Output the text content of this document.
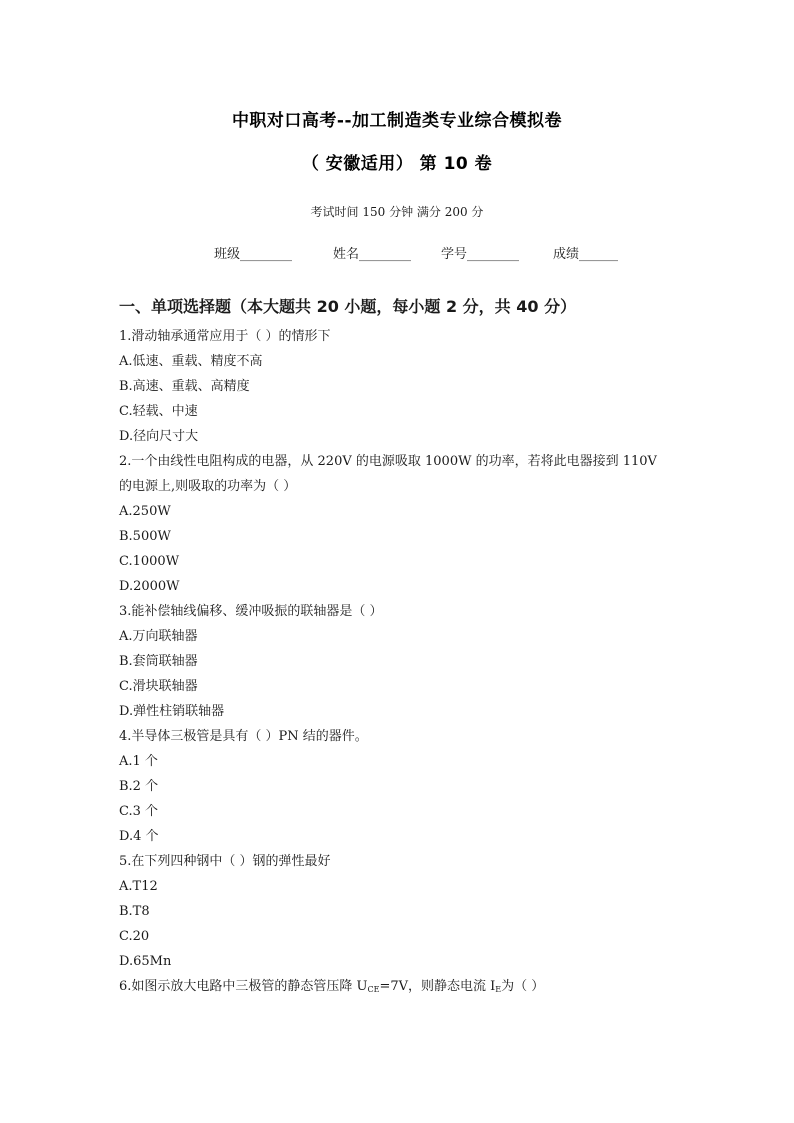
中职对口高考--加工制造类专业综合模拟卷
（ 安徽适用） 第 10 卷
考试时间 150 分钟 满分 200 分
班级________	姓名________ 学号________	成绩______
一、单项选择题（本大题共 20 小题，每小题 2 分，共 40 分）
1.滑动轴承通常应用于（ ）的情形下
A.低速、重载、精度不高
B.高速、重载、高精度
C.轻载、中速
D.径向尺寸大
2.一个由线性电阻构成的电器，从 220V 的电源吸取 1000W 的功率，若将此电器接到 110V
的电源上,则吸取的功率为（ ）
A.250W
B.500W
C.1000W
D.2000W
3.能补偿轴线偏移、缓冲吸振的联轴器是（ ）
A.万向联轴器
B.套筒联轴器
C.滑块联轴器
D.弹性柱销联轴器
4.半导体三极管是具有（ ）PN 结的器件。
A.1 个
B.2 个
C.3 个
D.4 个
5.在下列四种钢中（ ）钢的弹性最好
A.T12
B.T8
C.20
D.65Mn
6.如图示放大电路中三极管的静态管压降 $U_{CE}=7V$，则静态电流 $I_E$为（ ）
